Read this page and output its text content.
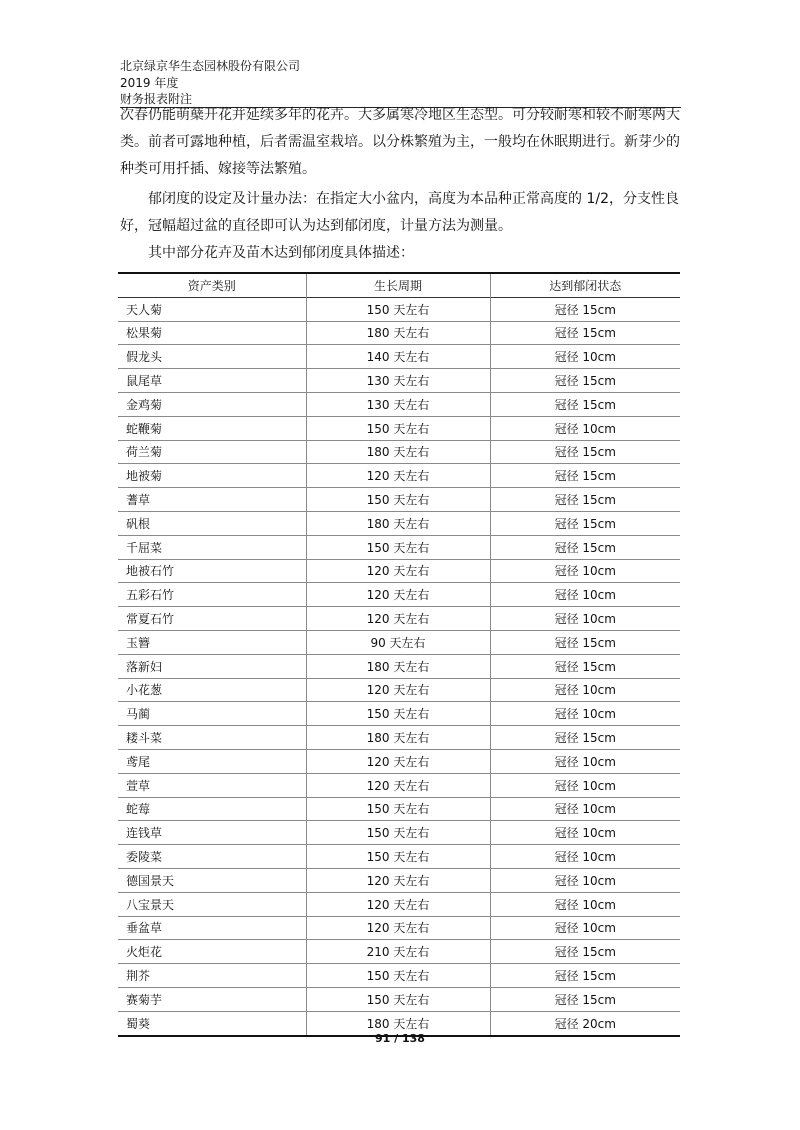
北京绿京华生态园林股份有限公司
2019 年度
财务报表附注

次春仍能萌蘖开花并延续多年的花卉。大多属寒冷地区生态型。可分较耐寒和较不耐寒两大类。前者可露地种植，后者需温室栽培。以分株繁殖为主，一般均在休眠期进行。新芽少的种类可用扦插、嫁接等法繁殖。

郁闭度的设定及计量办法：在指定大小盆内，高度为本品种正常高度的 1/2，分支性良好，冠幅超过盆的直径即可认为达到郁闭度，计量方法为测量。

其中部分花卉及苗木达到郁闭度具体描述：

资产类别	生长周期	达到郁闭状态
天人菊	150 天左右	冠径 15cm
松果菊	180 天左右	冠径 15cm
假龙头	140 天左右	冠径 10cm
鼠尾草	130 天左右	冠径 15cm
金鸡菊	130 天左右	冠径 15cm
蛇鞭菊	150 天左右	冠径 10cm
荷兰菊	180 天左右	冠径 15cm
地被菊	120 天左右	冠径 15cm
蓍草	150 天左右	冠径 15cm
矾根	180 天左右	冠径 15cm
千屈菜	150 天左右	冠径 15cm
地被石竹	120 天左右	冠径 10cm
五彩石竹	120 天左右	冠径 10cm
常夏石竹	120 天左右	冠径 10cm
玉簪	90 天左右	冠径 15cm
落新妇	180 天左右	冠径 15cm
小花葱	120 天左右	冠径 10cm
马蔺	150 天左右	冠径 10cm
耧斗菜	180 天左右	冠径 15cm
鸢尾	120 天左右	冠径 10cm
萱草	120 天左右	冠径 10cm
蛇莓	150 天左右	冠径 10cm
连钱草	150 天左右	冠径 10cm
委陵菜	150 天左右	冠径 10cm
德国景天	120 天左右	冠径 10cm
八宝景天	120 天左右	冠径 10cm
垂盆草	120 天左右	冠径 10cm
火炬花	210 天左右	冠径 15cm
荆芥	150 天左右	冠径 15cm
赛菊芋	150 天左右	冠径 15cm
蜀葵	180 天左右	冠径 20cm
91 / 138
